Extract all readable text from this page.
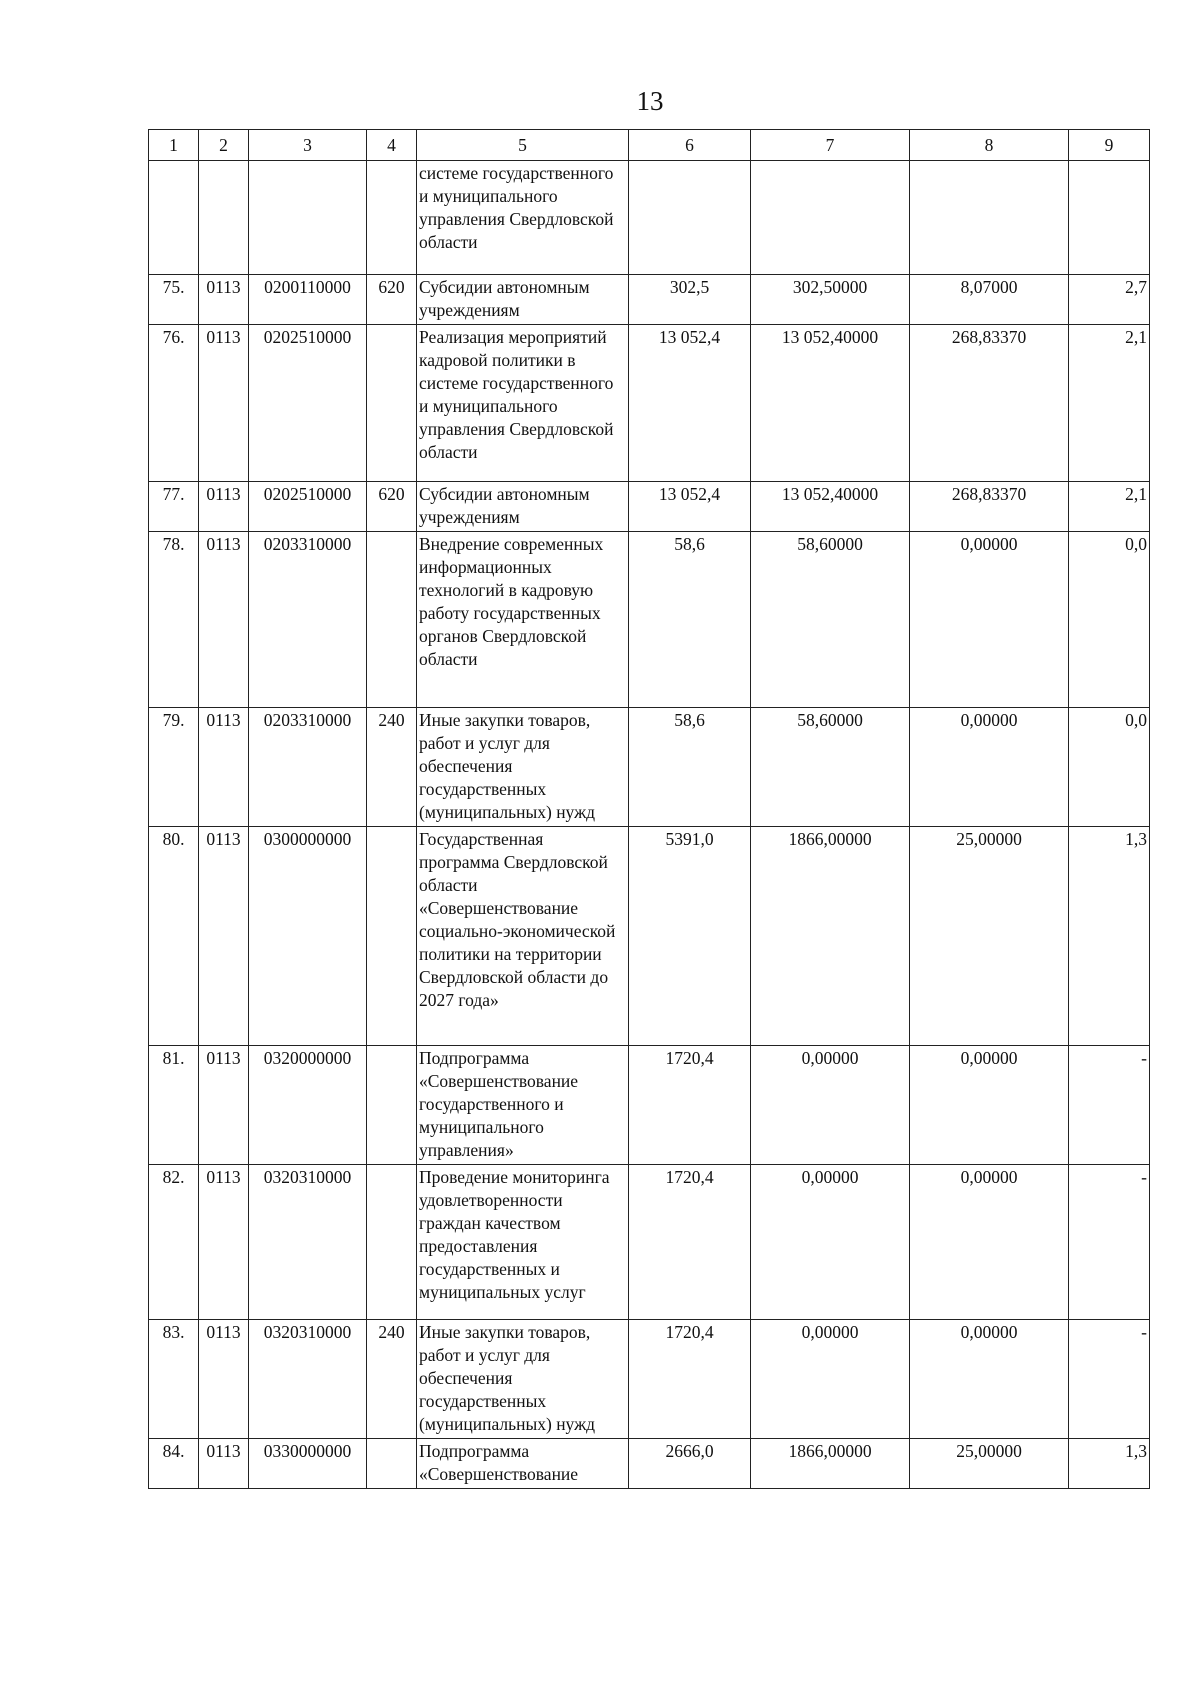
13
1	2	3	4	5	6	7	8	9
				системе государственного и муниципального управления Свердловской области				
75.	0113	0200110000	620	Субсидии автономным учреждениям	302,5	302,50000	8,07000	2,7
76.	0113	0202510000		Реализация мероприятий кадровой политики в системе государственного и муниципального управления Свердловской области	13 052,4	13 052,40000	268,83370	2,1
77.	0113	0202510000	620	Субсидии автономным учреждениям	13 052,4	13 052,40000	268,83370	2,1
78.	0113	0203310000		Внедрение современных информационных технологий в кадровую работу государственных органов Свердловской области	58,6	58,60000	0,00000	0,0
79.	0113	0203310000	240	Иные закупки товаров, работ и услуг для обеспечения государственных (муниципальных) нужд	58,6	58,60000	0,00000	0,0
80.	0113	0300000000		Государственная программа Свердловской области «Совершенствование социально-экономической политики на территории Свердловской области до 2027 года»	5391,0	1866,00000	25,00000	1,3
81.	0113	0320000000		Подпрограмма «Совершенствование государственного и муниципального управления»	1720,4	0,00000	0,00000	-
82.	0113	0320310000		Проведение мониторинга удовлетворенности граждан качеством предоставления государственных и муниципальных услуг	1720,4	0,00000	0,00000	-
83.	0113	0320310000	240	Иные закупки товаров, работ и услуг для обеспечения государственных (муниципальных) нужд	1720,4	0,00000	0,00000	-
84.	0113	0330000000		Подпрограмма «Совершенствование	2666,0	1866,00000	25,00000	1,3
